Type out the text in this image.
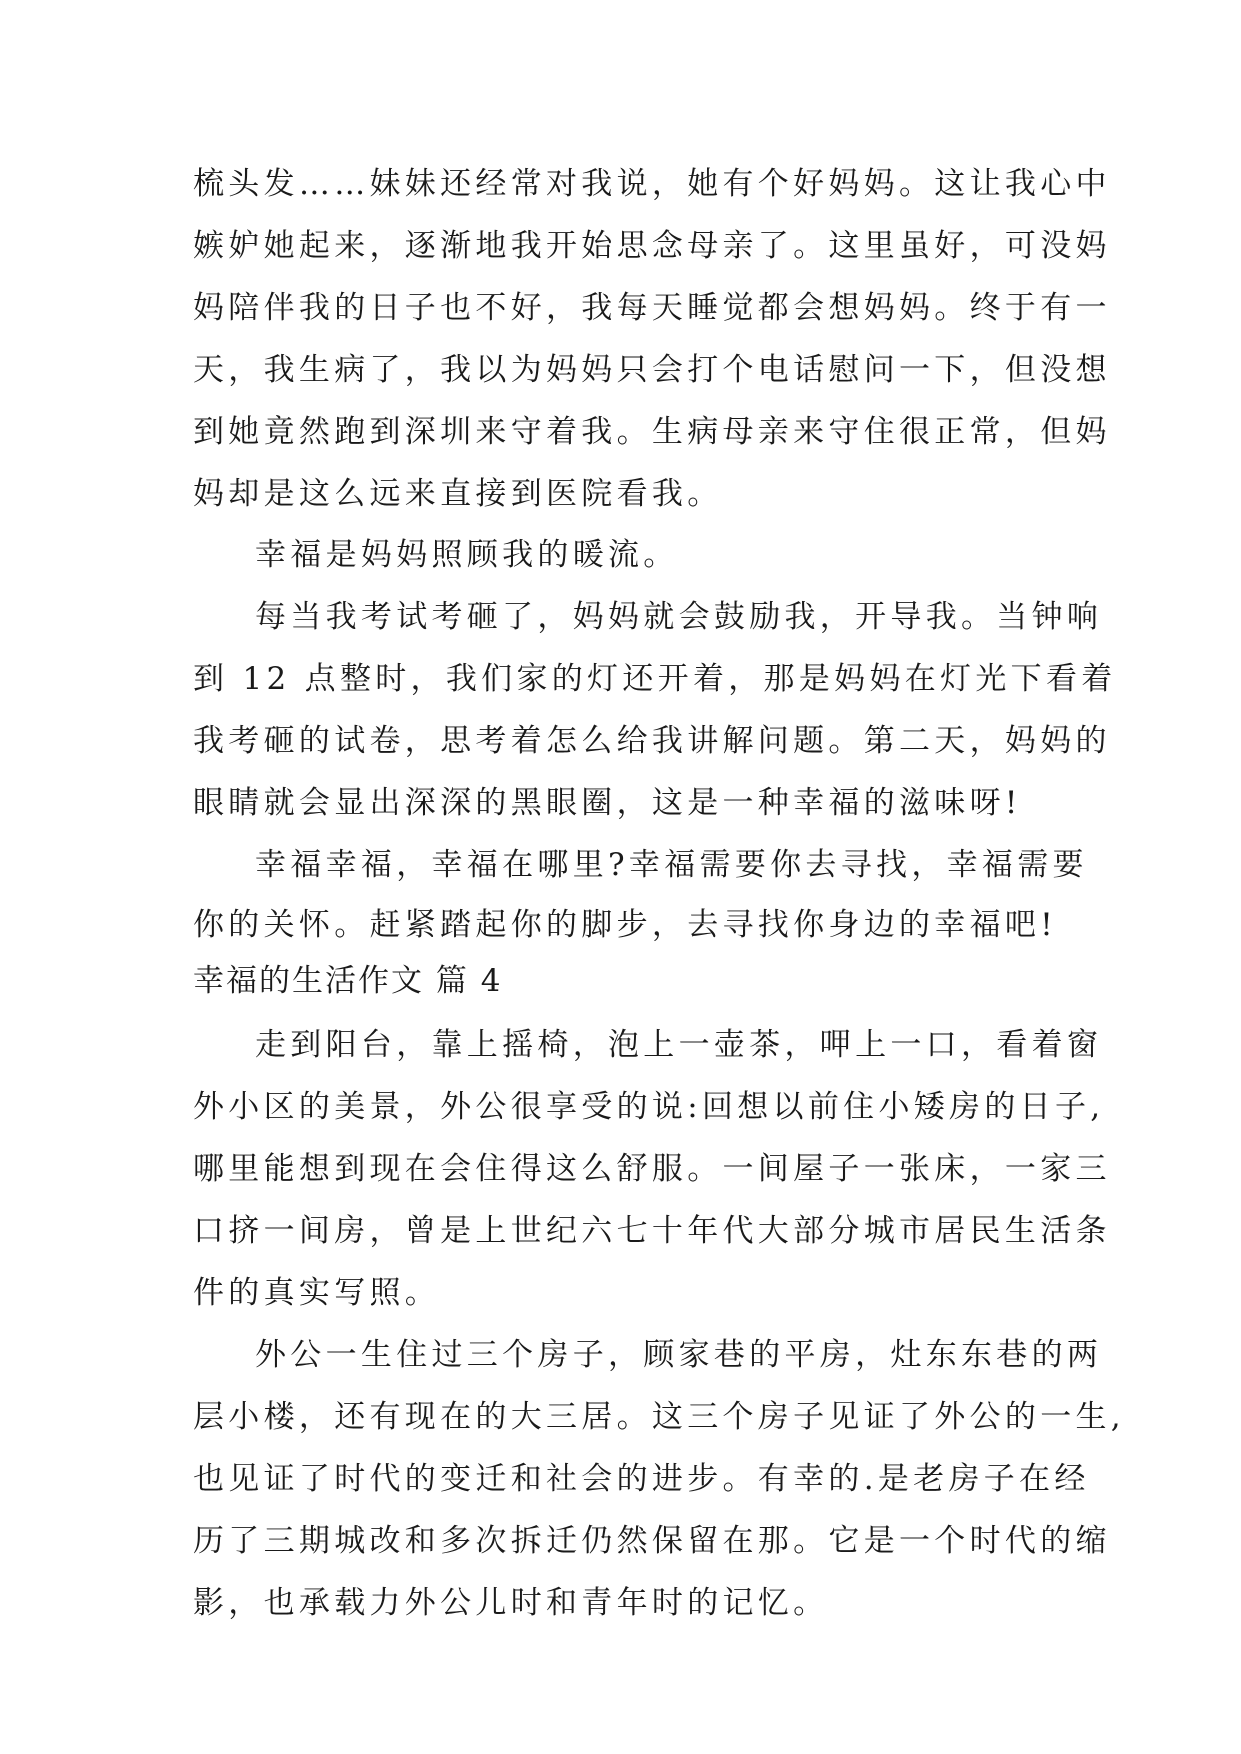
梳头发……妹妹还经常对我说，她有个好妈妈。这让我心中
嫉妒她起来，逐渐地我开始思念母亲了。这里虽好，可没妈
妈陪伴我的日子也不好，我每天睡觉都会想妈妈。终于有一
天，我生病了，我以为妈妈只会打个电话慰问一下，但没想
到她竟然跑到深圳来守着我。生病母亲来守住很正常，但妈
妈却是这么远来直接到医院看我。
幸福是妈妈照顾我的暖流。
每当我考试考砸了，妈妈就会鼓励我，开导我。当钟响
到 12 点整时，我们家的灯还开着，那是妈妈在灯光下看着
我考砸的试卷，思考着怎么给我讲解问题。第二天，妈妈的
眼睛就会显出深深的黑眼圈，这是一种幸福的滋味呀!
幸福幸福，幸福在哪里?幸福需要你去寻找，幸福需要
你的关怀。赶紧踏起你的脚步，去寻找你身边的幸福吧!
幸福的生活作文 篇 4
走到阳台，靠上摇椅，泡上一壶茶，呷上一口，看着窗
外小区的美景，外公很享受的说:回想以前住小矮房的日子,
哪里能想到现在会住得这么舒服。一间屋子一张床，一家三
口挤一间房，曾是上世纪六七十年代大部分城市居民生活条
件的真实写照。
外公一生住过三个房子，顾家巷的平房，灶东东巷的两
层小楼，还有现在的大三居。这三个房子见证了外公的一生,
也见证了时代的变迁和社会的进步。有幸的.是老房子在经
历了三期城改和多次拆迁仍然保留在那。它是一个时代的缩
影，也承载力外公儿时和青年时的记忆。
